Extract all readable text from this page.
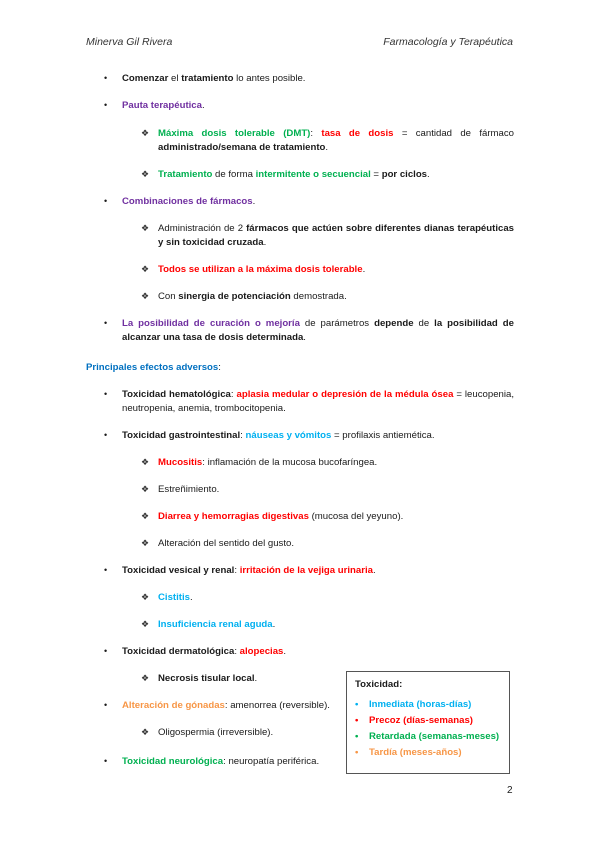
Minerva Gil Rivera	Farmacología y Terapéutica
• Comenzar el tratamiento lo antes posible.
• Pauta terapéutica.
❖ Máxima dosis tolerable (DMT): tasa de dosis = cantidad de fármaco
administrado/semana de tratamiento.
❖ Tratamiento de forma intermitente o secuencial = por ciclos.
• Combinaciones de fármacos.
❖ Administración de 2 fármacos que actúen sobre diferentes dianas terapéuticas
y sin toxicidad cruzada.
❖ Todos se utilizan a la máxima dosis tolerable.
❖ Con sinergia de potenciación demostrada.
• La posibilidad de curación o mejoría de parámetros depende de la posibilidad de
alcanzar una tasa de dosis determinada.
Principales efectos adversos:
• Toxicidad hematológica: aplasia medular o depresión de la médula ósea = leucopenia,
neutropenia, anemia, trombocitopenia.
• Toxicidad gastrointestinal: náuseas y vómitos = profilaxis antiemética.
❖ Mucositis: inflamación de la mucosa bucofaríngea.
❖ Estreñimiento.
❖ Diarrea y hemorragias digestivas (mucosa del yeyuno).
❖ Alteración del sentido del gusto.
• Toxicidad vesical y renal: irritación de la vejiga urinaria.
❖ Cistitis.
❖ Insuficiencia renal aguda.
• Toxicidad dermatológica: alopecias.
❖ Necrosis tisular local.
• Alteración de gónadas: amenorrea (reversible).
❖ Oligospermia (irreversible).
• Toxicidad neurológica: neuropatía periférica.
Toxicidad:
• Inmediata (horas-días)
• Precoz (días-semanas)
• Retardada (semanas-meses)
• Tardía (meses-años)
2
